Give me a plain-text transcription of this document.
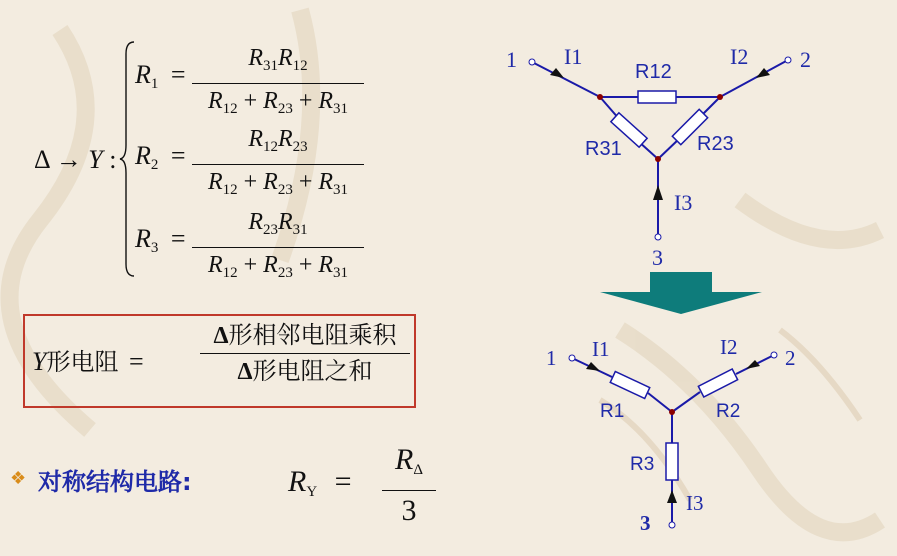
Δ → Y :
$R_1$ =
$R_{31}R_{12}$
$R_{12} + R_{23} + R_{31}$
$R_2$ =
$R_{12}R_{23}$
$R_{12} + R_{23} + R_{31}$
$R_3$ =
$R_{23}R_{31}$
$R_{12} + R_{23} + R_{31}$
Y形电阻 =
Δ形相邻电阻乘积
Δ形电阻之和
❖ 对称结构电路:	$R_Y$ =
$R_\Delta$
3
1	2
3
I1	I2
I3
R12
R23
R31
1	2
3
I1	I2
I3
R1	R2
R3
